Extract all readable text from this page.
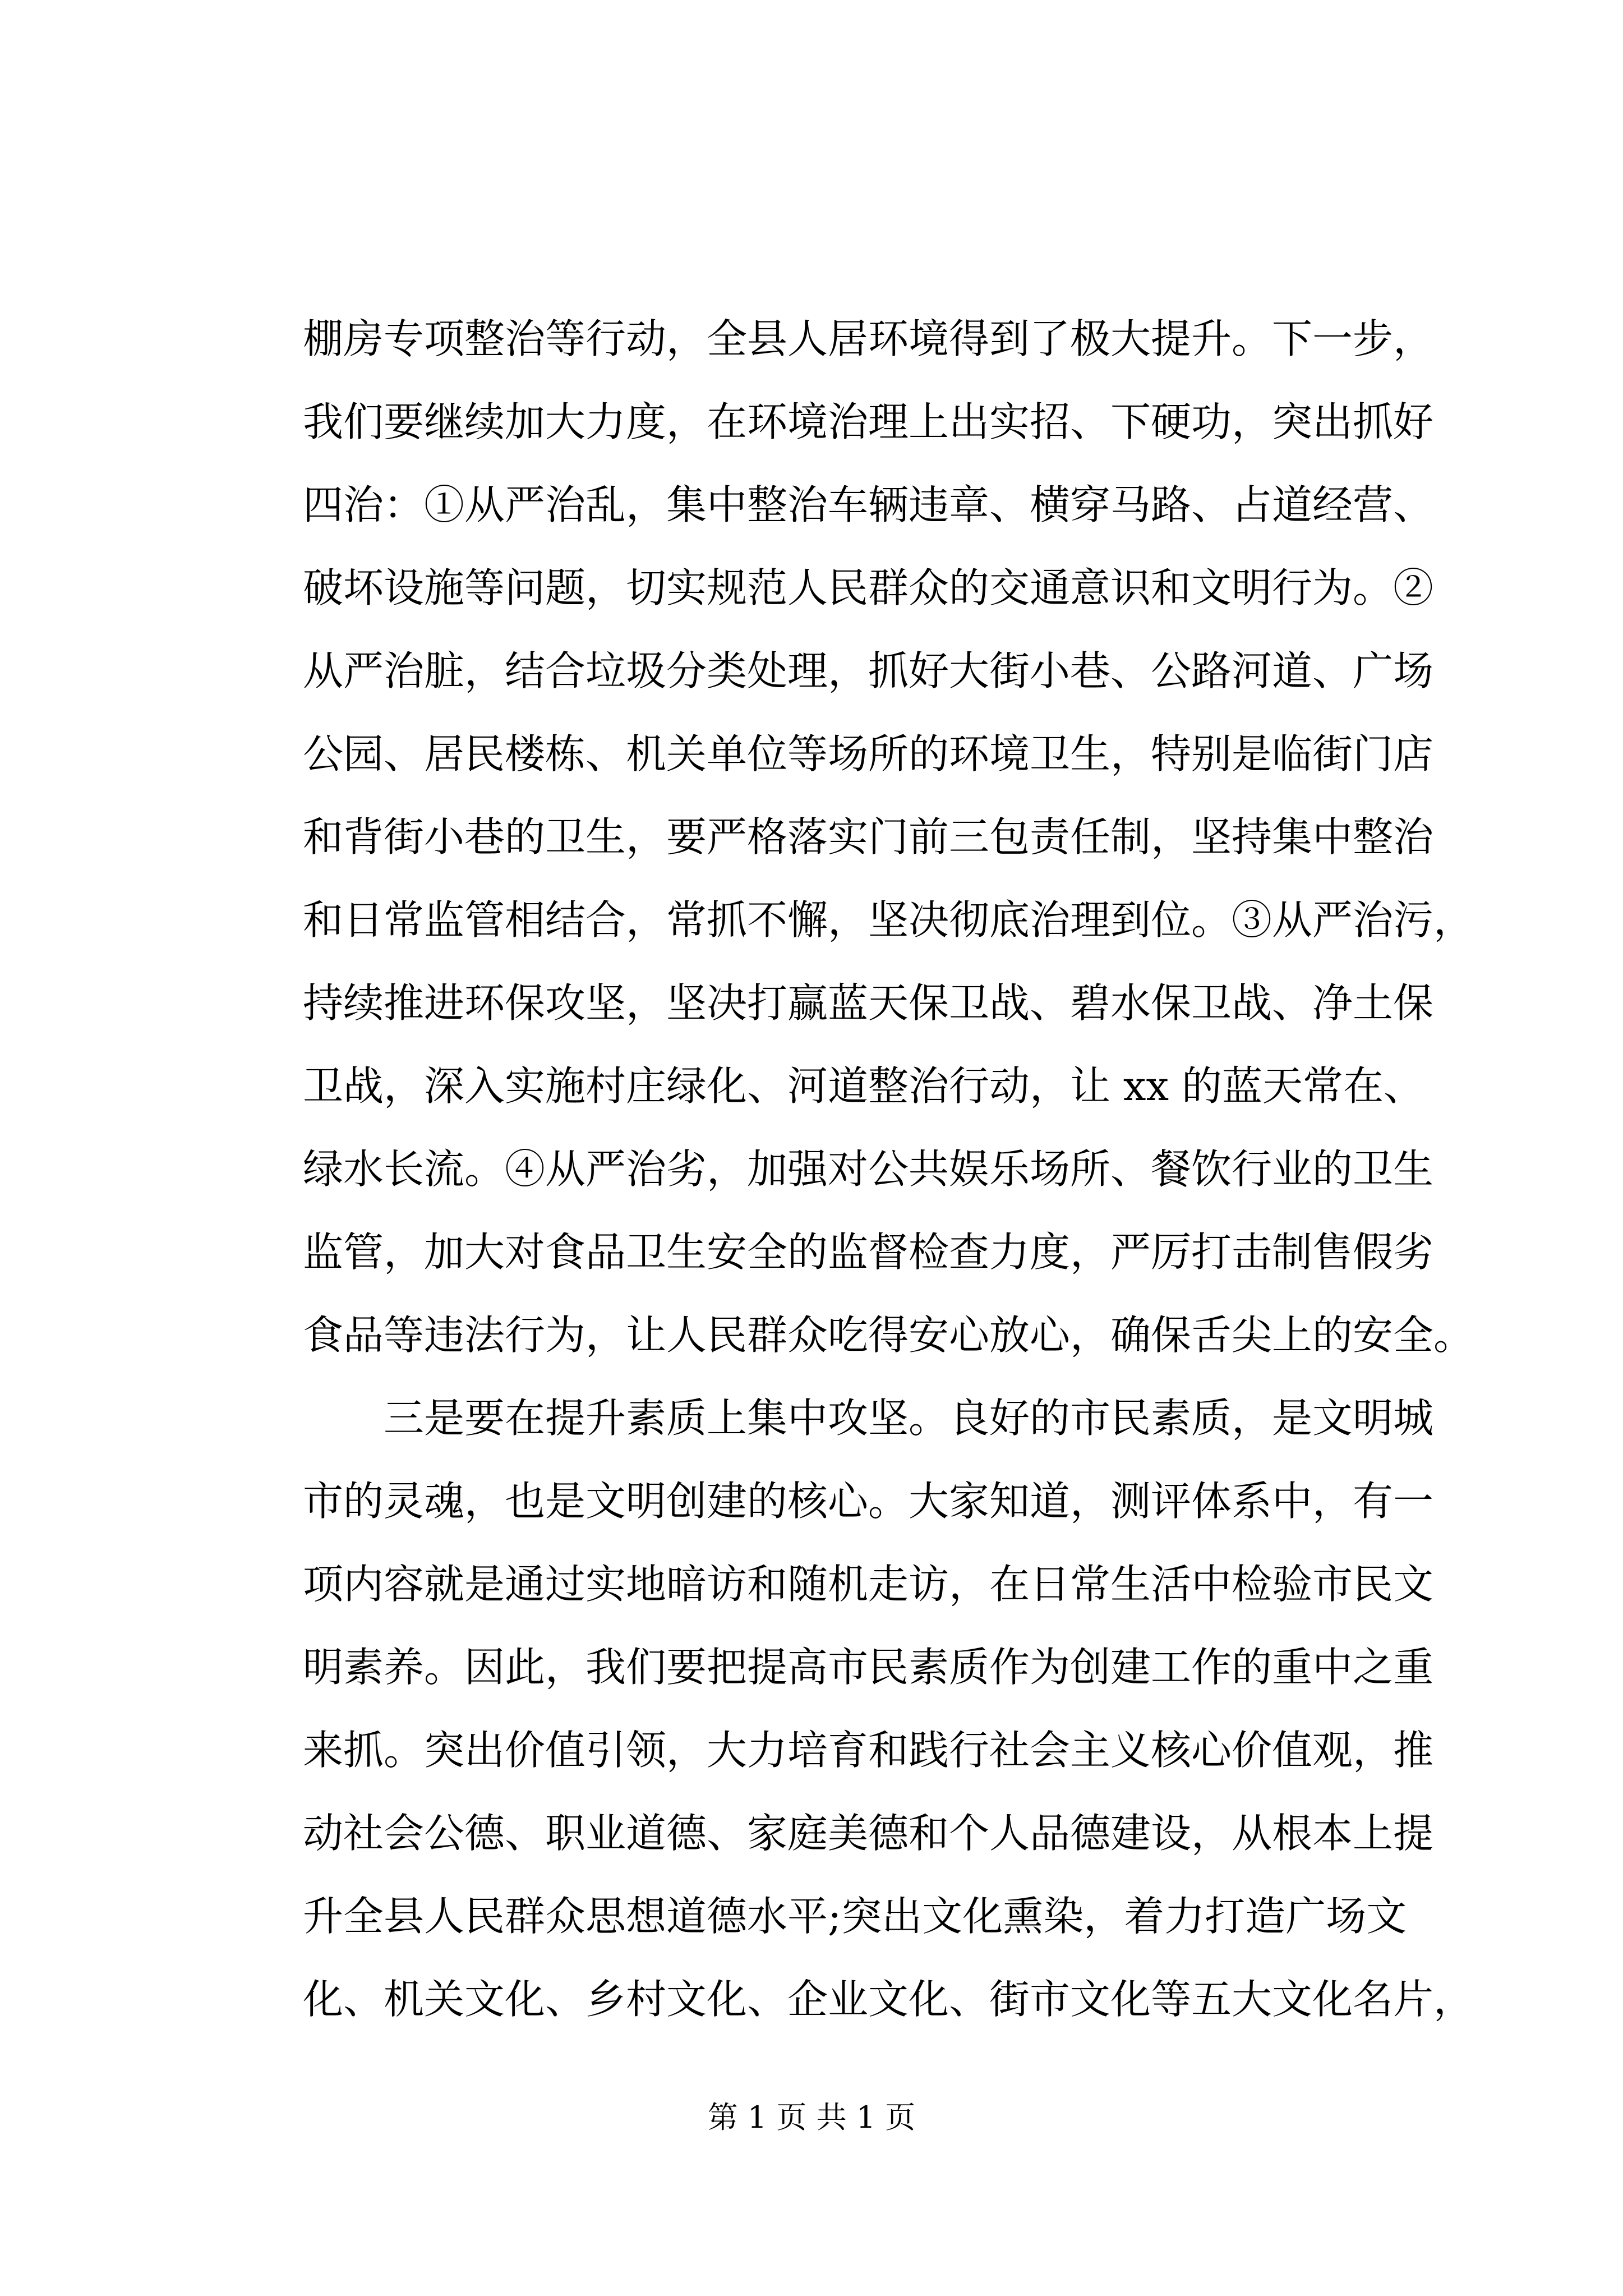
棚房专项整治等行动，全县人居环境得到了极大提升。下一步，
我们要继续加大力度，在环境治理上出实招、下硬功，突出抓好
四治：①从严治乱，集中整治车辆违章、横穿马路、占道经营、
破坏设施等问题，切实规范人民群众的交通意识和文明行为。②
从严治脏，结合垃圾分类处理，抓好大街小巷、公路河道、广场
公园、居民楼栋、机关单位等场所的环境卫生，特别是临街门店
和背街小巷的卫生，要严格落实门前三包责任制，坚持集中整治
和日常监管相结合，常抓不懈，坚决彻底治理到位。③从严治污，
持续推进环保攻坚，坚决打赢蓝天保卫战、碧水保卫战、净土保
卫战，深入实施村庄绿化、河道整治行动，让 xx 的蓝天常在、
绿水长流。④从严治劣，加强对公共娱乐场所、餐饮行业的卫生
监管，加大对食品卫生安全的监督检查力度，严厉打击制售假劣
食品等违法行为，让人民群众吃得安心放心，确保舌尖上的安全。
三是要在提升素质上集中攻坚。良好的市民素质，是文明城
市的灵魂，也是文明创建的核心。大家知道，测评体系中，有一
项内容就是通过实地暗访和随机走访，在日常生活中检验市民文
明素养。因此，我们要把提高市民素质作为创建工作的重中之重
来抓。突出价值引领，大力培育和践行社会主义核心价值观，推
动社会公德、职业道德、家庭美德和个人品德建设，从根本上提
升全县人民群众思想道德水平;突出文化熏染，着力打造广场文
化、机关文化、乡村文化、企业文化、街市文化等五大文化名片，
第 1 页 共 1 页
